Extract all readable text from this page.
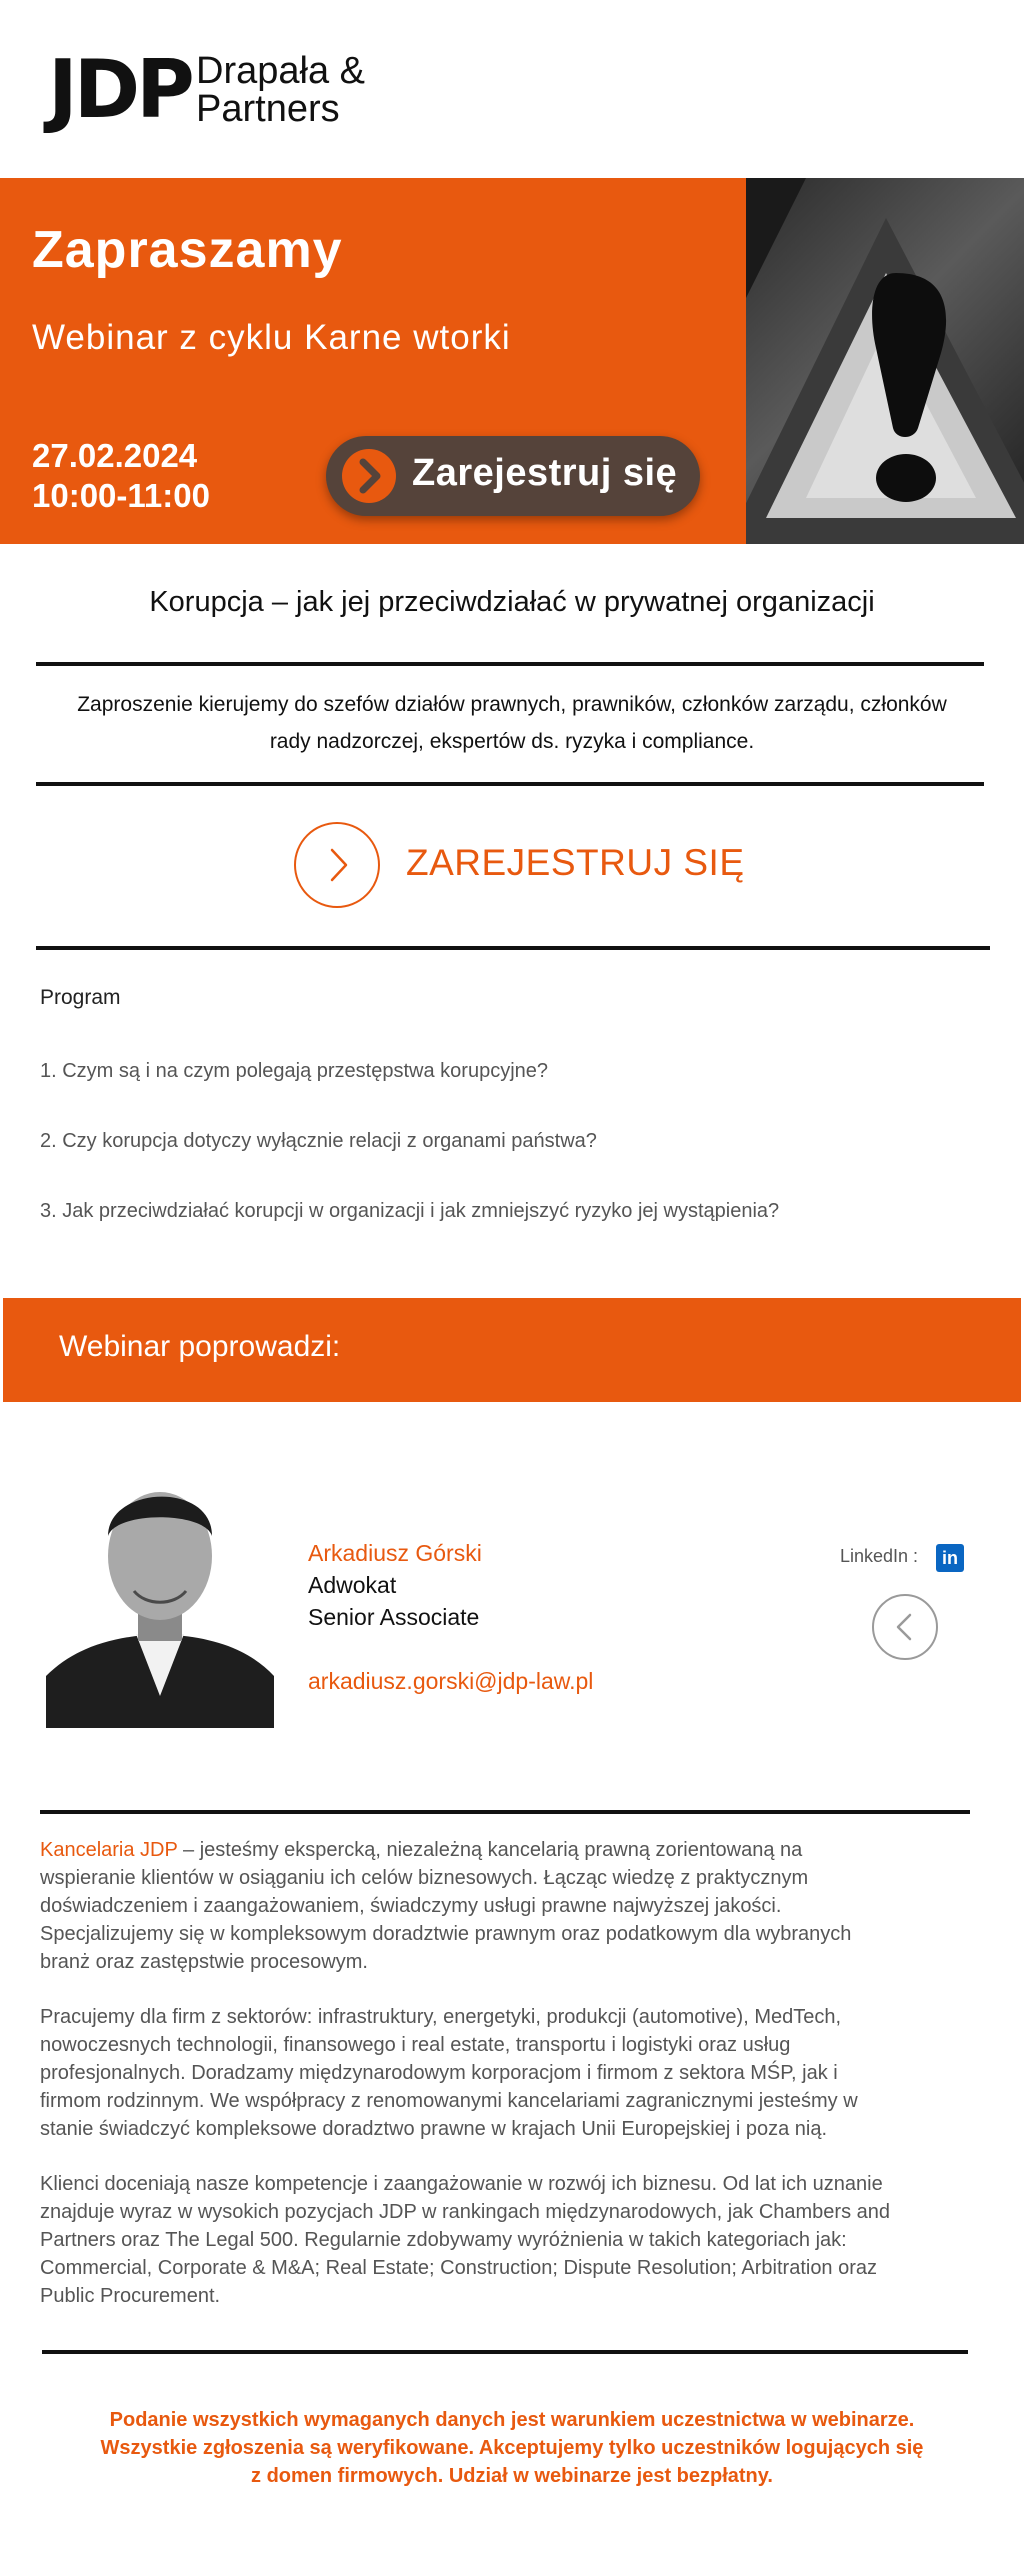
JDP Drapała &
Partners
Zapraszamy
Webinar z cyklu Karne wtorki
27.02.2024
10:00-11:00
Zarejestruj się
Korupcja – jak jej przeciwdziałać w prywatnej organizacji
Zaproszenie kierujemy do szefów działów prawnych, prawników, członków zarządu, członków
rady nadzorczej, ekspertów ds. ryzyka i compliance.
ZAREJESTRUJ SIĘ
Program
1. Czym są i na czym polegają przestępstwa korupcyjne?
2. Czy korupcja dotyczy wyłącznie relacji z organami państwa?
3. Jak przeciwdziałać korupcji w organizacji i jak zmniejszyć ryzyko jej wystąpienia?
Webinar poprowadzi:
Arkadiusz Górski
Adwokat
Senior Associate
arkadiusz.gorski@jdp-law.pl
LinkedIn :	in
Kancelaria JDP – jesteśmy ekspercką, niezależną kancelarią prawną zorientowaną na
wspieranie klientów w osiąganiu ich celów biznesowych. Łącząc wiedzę z praktycznym
doświadczeniem i zaangażowaniem, świadczymy usługi prawne najwyższej jakości.
Specjalizujemy się w kompleksowym doradztwie prawnym oraz podatkowym dla wybranych
branż oraz zastępstwie procesowym.
Pracujemy dla firm z sektorów: infrastruktury, energetyki, produkcji (automotive), MedTech,
nowoczesnych technologii, finansowego i real estate, transportu i logistyki oraz usług
profesjonalnych. Doradzamy międzynarodowym korporacjom i firmom z sektora MŚP, jak i
firmom rodzinnym. We współpracy z renomowanymi kancelariami zagranicznymi jesteśmy w
stanie świadczyć kompleksowe doradztwo prawne w krajach Unii Europejskiej i poza nią.
Klienci doceniają nasze kompetencje i zaangażowanie w rozwój ich biznesu. Od lat ich uznanie
znajduje wyraz w wysokich pozycjach JDP w rankingach międzynarodowych, jak Chambers and
Partners oraz The Legal 500. Regularnie zdobywamy wyróżnienia w takich kategoriach jak:
Commercial, Corporate & M&A; Real Estate; Construction; Dispute Resolution; Arbitration oraz
Public Procurement.
Podanie wszystkich wymaganych danych jest warunkiem uczestnictwa w webinarze.
Wszystkie zgłoszenia są weryfikowane. Akceptujemy tylko uczestników logujących się
z domen firmowych. Udział w webinarze jest bezpłatny.
